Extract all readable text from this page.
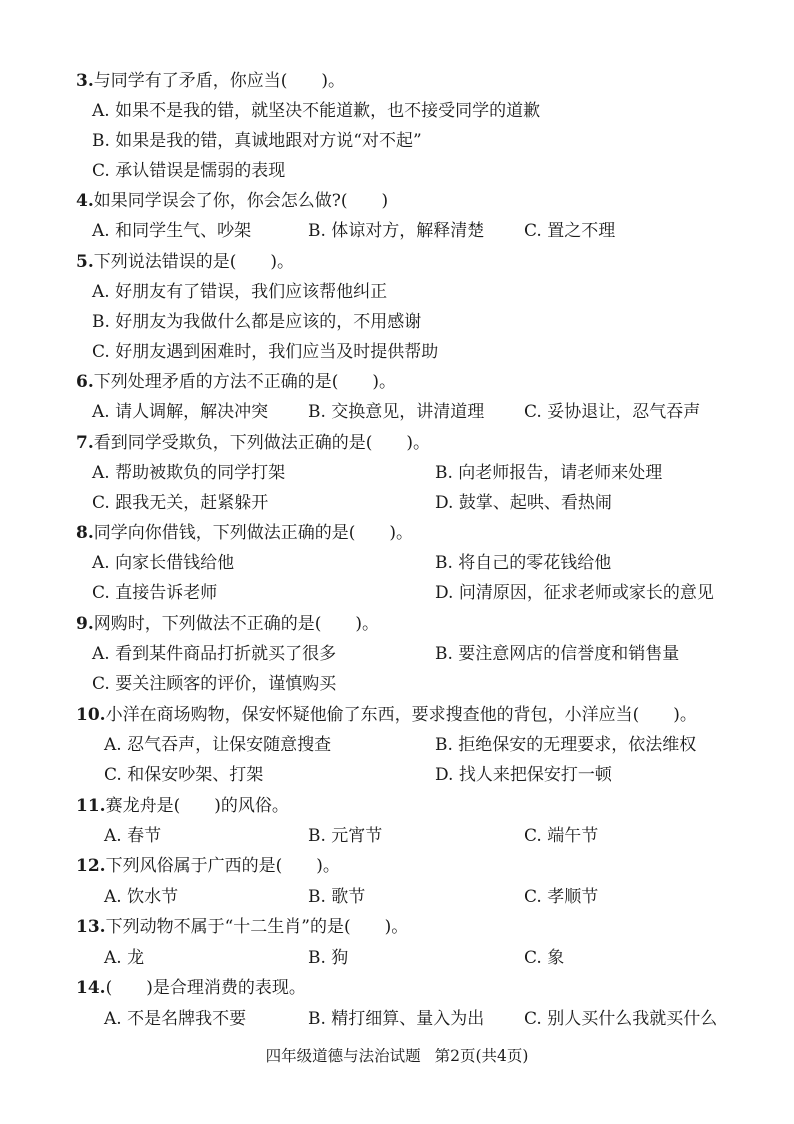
3.与同学有了矛盾，你应当(　　)。
A. 如果不是我的错，就坚决不能道歉，也不接受同学的道歉
B. 如果是我的错，真诚地跟对方说“对不起”
C. 承认错误是懦弱的表现
4.如果同学误会了你，你会怎么做?(　　)
A. 和同学生气、吵架	B. 体谅对方，解释清楚 C. 置之不理
5.下列说法错误的是(　　)。
A. 好朋友有了错误，我们应该帮他纠正
B. 好朋友为我做什么都是应该的，不用感谢
C. 好朋友遇到困难时，我们应当及时提供帮助
6.下列处理矛盾的方法不正确的是(　　)。
A. 请人调解，解决冲突 B. 交换意见，讲清道理 C. 妥协退让，忍气吞声
7.看到同学受欺负，下列做法正确的是(　　)。
A. 帮助被欺负的同学打架	B. 向老师报告，请老师来处理
C. 跟我无关，赶紧躲开	D. 鼓掌、起哄、看热闹
8.同学向你借钱，下列做法正确的是(　　)。
A. 向家长借钱给他	B. 将自己的零花钱给他
C. 直接告诉老师	D. 问清原因，征求老师或家长的意见
9.网购时，下列做法不正确的是(　　)。
A. 看到某件商品打折就买了很多	B. 要注意网店的信誉度和销售量
C. 要关注顾客的评价，谨慎购买
10.小洋在商场购物，保安怀疑他偷了东西，要求搜查他的背包，小洋应当(　　)。
A. 忍气吞声，让保安随意搜查	B. 拒绝保安的无理要求，依法维权
C. 和保安吵架、打架	D. 找人来把保安打一顿
11.赛龙舟是(　　)的风俗。
A. 春节	B. 元宵节	C. 端午节
12.下列风俗属于广西的是(　　)。
A. 饮水节	B. 歌节	C. 孝顺节
13.下列动物不属于“十二生肖”的是(　　)。
A. 龙	B. 狗	C. 象
14.(　　)是合理消费的表现。
A. 不是名牌我不要	B. 精打细算、量入为出 C. 别人买什么我就买什么
四年级道德与法治试题 第2页(共4页)
